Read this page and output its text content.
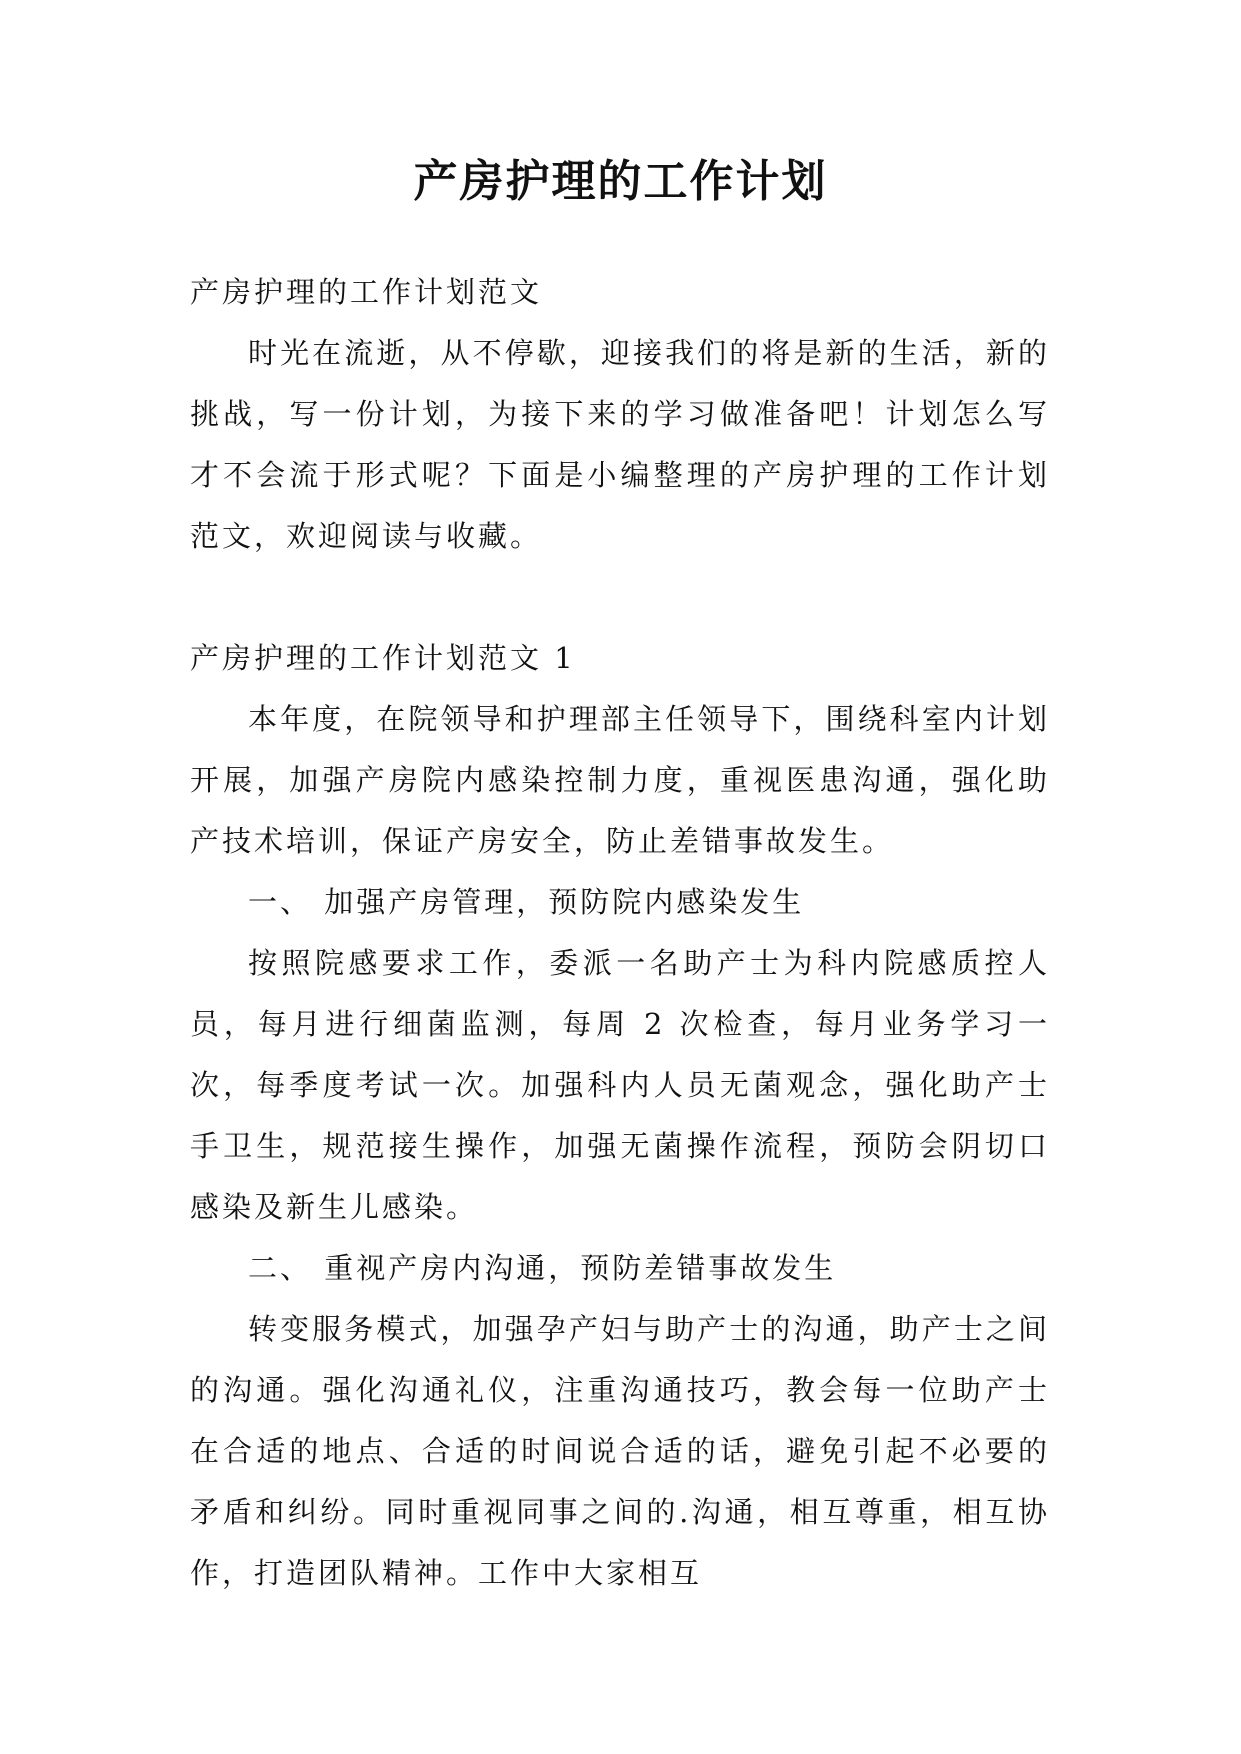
产房护理的工作计划

产房护理的工作计划范文

时光在流逝，从不停歇，迎接我们的将是新的生活，新的挑战，写一份计划，为接下来的学习做准备吧！计划怎么写才不会流于形式呢？下面是小编整理的产房护理的工作计划范文，欢迎阅读与收藏。

产房护理的工作计划范文 1

本年度，在院领导和护理部主任领导下，围绕科室内计划开展，加强产房院内感染控制力度，重视医患沟通，强化助产技术培训，保证产房安全，防止差错事故发生。

一、 加强产房管理，预防院内感染发生

按照院感要求工作，委派一名助产士为科内院感质控人员，每月进行细菌监测，每周 2 次检查，每月业务学习一次，每季度考试一次。加强科内人员无菌观念，强化助产士手卫生，规范接生操作，加强无菌操作流程，预防会阴切口感染及新生儿感染。

二、 重视产房内沟通，预防差错事故发生

转变服务模式，加强孕产妇与助产士的沟通，助产士之间的沟通。强化沟通礼仪，注重沟通技巧，教会每一位助产士在合适的地点、合适的时间说合适的话，避免引起不必要的矛盾和纠纷。同时重视同事之间的.沟通，相互尊重，相互协作，打造团队精神。工作中大家相互
